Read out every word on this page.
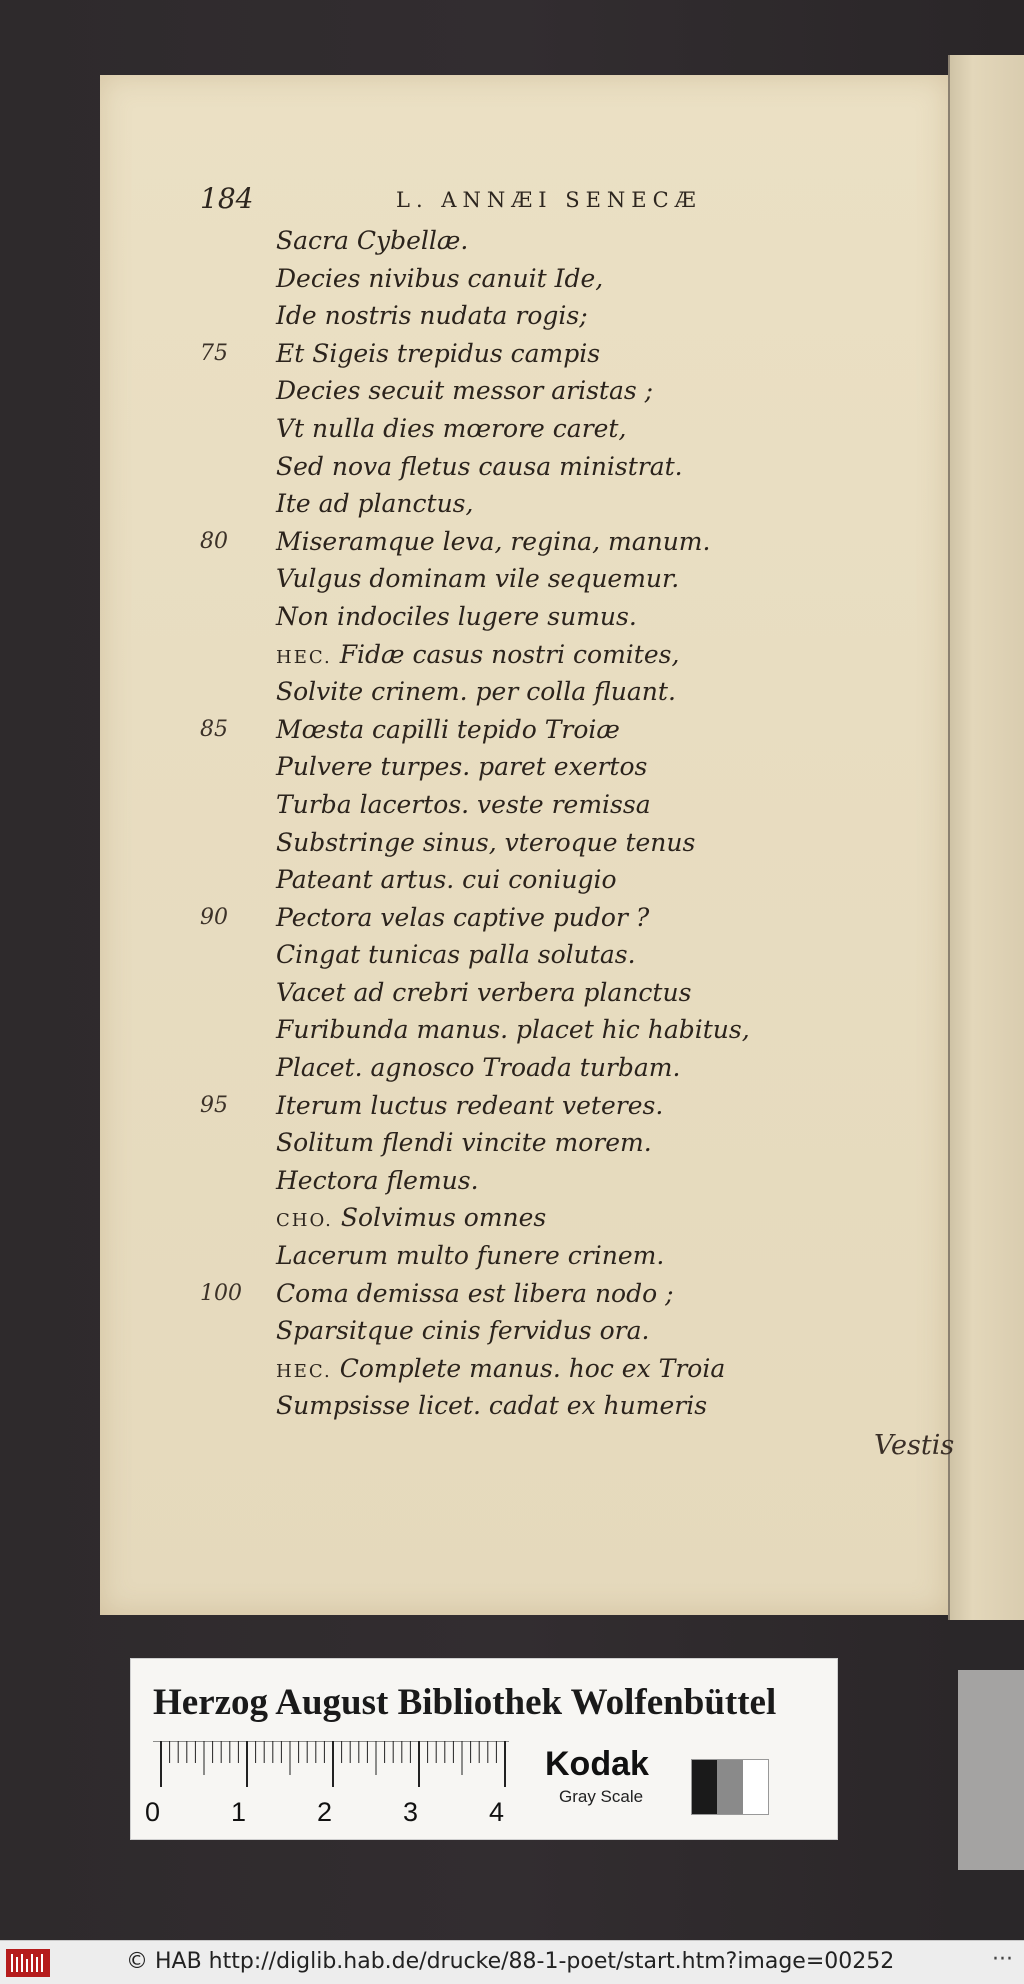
184	L. ANNÆI SENECÆ
Sacra Cybellæ.
Decies nivibus canuit Ide,
Ide nostris nudata rogis;
75	Et Sigeis trepidus campis
Decies secuit messor aristas ;
Vt nulla dies mœrore caret,
Sed nova fletus causa ministrat.
Ite ad planctus,
80	Miseramque leva, regina, manum.
Vulgus dominam vile sequemur.
Non indociles lugere sumus.
HEC. Fidæ casus nostri comites,
Solvite crinem. per colla fluant.
85	Mœsta capilli tepido Troiæ
Pulvere turpes. paret exertos
Turba lacertos. veste remissa
Substringe sinus, vteroque tenus
Pateant artus. cui coniugio
90	Pectora velas captive pudor ?
Cingat tunicas palla solutas.
Vacet ad crebri verbera planctus
Furibunda manus. placet hic habitus,
Placet. agnosco Troada turbam.
95	Iterum luctus redeant veteres.
Solitum flendi vincite morem.
Hectora flemus.
CHO. Solvimus omnes
Lacerum multo funere crinem.
100	Coma demissa est libera nodo ;
Sparsitque cinis fervidus ora.
HEC. Complete manus. hoc ex Troia
Sumpsisse licet. cadat ex humeris
Vestis
Herzog August Bibliothek Wolfenbüttel
0	1	2	3	4
Kodak
Gray Scale
© HAB http://diglib.hab.de/drucke/88-1-poet/start.htm?image=00252	···
